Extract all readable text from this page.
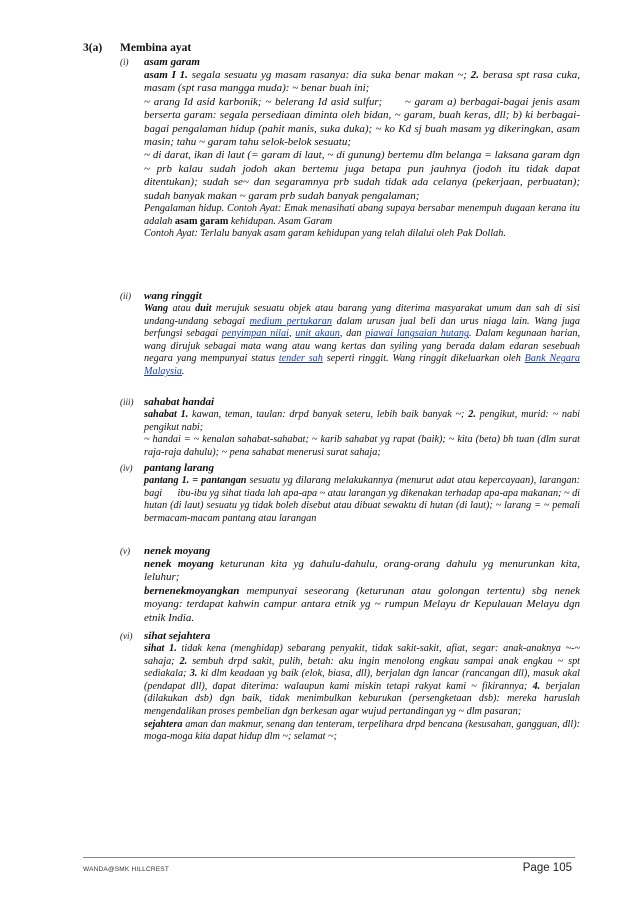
3(a) Membina ayat
(i) asam garam

asam I 1. segala sesuatu yg masam rasanya: dia suka benar makan ~; 2. berasa spt rasa cuka, masam (spt rasa mangga muda): ~ benar buah ini;

~ arang Id asid karbonik; ~ belerang Id asid sulfur;      ~ garam a) berbagai-bagai jenis asam berserta garam: segala persediaan diminta oleh bidan, ~ garam, buah keras, dll; b) ki berbagai-bagai pengalaman hidup (pahit manis, suka duka); ~ ko Kd sj buah masam yg dikeringkan, asam masin; tahu ~ garam tahu selok-belok sesuatu;

~ di darat, ikan di laut (= garam di laut, ~ di gunung) bertemu dlm belanga = laksana garam dgn ~ prb kalau sudah jodoh akan bertemu juga betapa pun jauhnya (jodoh itu tidak dapat ditentukan); sudah se~ dan segaramnya prb sudah tidak ada celanya (pekerjaan, perbuatan); sudah banyak makan ~ garam prb sudah banyak pengalaman;

Pengalaman hidup. Contoh Ayat: Emak menasihati abang supaya bersabar menempuh dugaan kerana itu adalah asam garam kehidupan. Asam Garam

Contoh Ayat: Terlalu banyak asam garam kehidupan yang telah dilalui oleh Pak Dollah.

(ii) wang ringgit

Wang atau duit merujuk sesuatu objek atau barang yang diterima masyarakat umum dan sah di sisi undang-undang sebagai medium pertukaran dalam urusan jual beli dan urus niaga lain. Wang juga berfungsi sebagai penyimpan nilai, unit akaun, dan piawai langsaian hutang. Dalam kegunaan harian, wang dirujuk sebagai mata wang atau wang kertas dan syiling yang berada dalam edaran sesebuah negara yang mempunyai status tender sah seperti ringgit. Wang ringgit dikeluarkan oleh Bank Negara Malaysia.

(iii) sahabat handai

sahabat 1. kawan, teman, taulan: drpd banyak seteru, lebih baik banyak ~; 2. pengikut, murid: ~ nabi pengikut nabi;

~ handai = ~ kenalan sahabat-sahabat; ~ karib sahabat yg rapat (baik); ~ kita (beta) bh tuan (dlm surat raja-raja dahulu); ~ pena sahabat menerusi surat sahaja;

(iv) pantang larang

pantang 1. = pantangan sesuatu yg dilarang melakukannya (menurut adat atau kepercayaan), larangan: bagi      ibu-ibu yg sihat tiada lah apa-apa ~ atau larangan yg dikenakan terhadap apa-apa makanan; ~ di hutan (di laut) sesuatu yg tidak boleh disebut atau dibuat sewaktu di hutan (di laut); ~ larang = ~ pemali bermacam-macam pantang atau larangan

(v) nenek moyang

nenek moyang keturunan kita yg dahulu-dahulu, orang-orang dahulu yg menurunkan kita, leluhur;

bernenekmoyangkan mempunyai seseorang (keturunan atau golongan tertentu) sbg nenek moyang: terdapat kahwin campur antara etnik yg ~ rumpun Melayu dr Kepulauan Melayu dgn etnik India.

(vi) sihat sejahtera

sihat 1. tidak kena (menghidap) sebarang penyakit, tidak sakit-sakit, afiat, segar: anak-anaknya ~-~ sahaja; 2. sembuh drpd sakit, pulih, betah: aku ingin menolong engkau sampai anak engkau ~ spt sediakala; 3. ki dlm keadaan yg baik (elok, biasa, dll), berjalan dgn lancar (rancangan dll), masuk akal (pendapat dll), dapat diterima: walaupun kami miskin tetapi rakyat kami ~ fikirannya; 4. berjalan (dilakukan dsb) dgn baik, tidak menimbulkan keburukan (persengketaan dsb): mereka haruslah mengendalikan proses pembelian dgn berkesan agar wujud pertandingan yg ~ dlm pasaran;

sejahtera aman dan makmur, senang dan tenteram, terpelihara drpd bencana (kesusahan, gangguan, dll): moga-moga kita dapat hidup dlm ~; selamat ~;

WANDA@SMK HILLCREST	Page 105
